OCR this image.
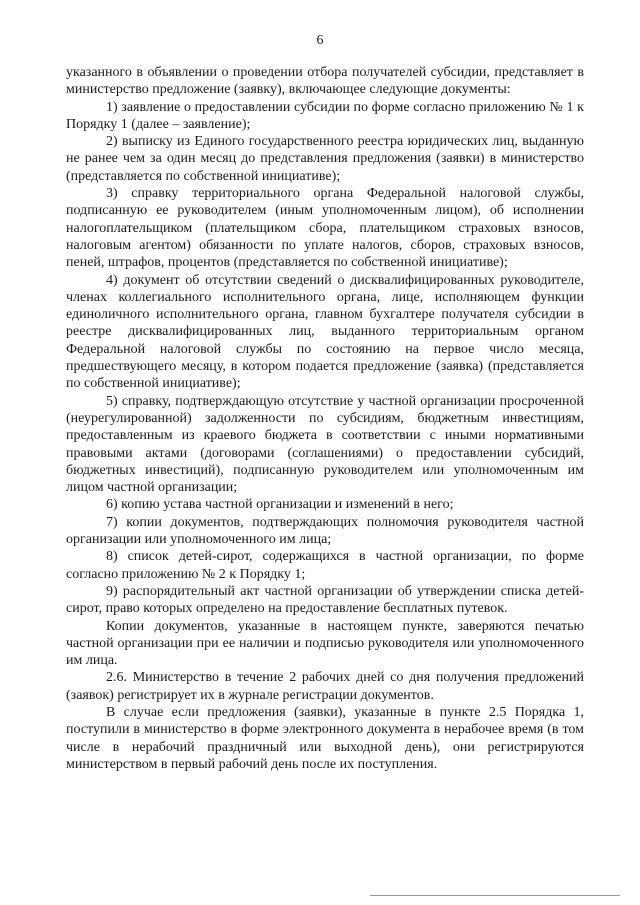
6

указанного в объявлении о проведении отбора получателей субсидии, представляет в министерство предложение (заявку), включающее следующие документы:

1) заявление о предоставлении субсидии по форме согласно приложению № 1 к Порядку 1 (далее – заявление);

2) выписку из Единого государственного реестра юридических лиц, выданную не ранее чем за один месяц до представления предложения (заявки) в министерство (представляется по собственной инициативе);

3) справку территориального органа Федеральной налоговой службы, подписанную ее руководителем (иным уполномоченным лицом), об исполнении налогоплательщиком (плательщиком сбора, плательщиком страховых взносов, налоговым агентом) обязанности по уплате налогов, сборов, страховых взносов, пеней, штрафов, процентов (представляется по собственной инициативе);

4) документ об отсутствии сведений о дисквалифицированных руководителе, членах коллегиального исполнительного органа, лице, исполняющем функции единоличного исполнительного органа, главном бухгалтере получателя субсидии в реестре дисквалифицированных лиц, выданного территориальным органом Федеральной налоговой службы по состоянию на первое число месяца, предшествующего месяцу, в котором подается предложение (заявка) (представляется по собственной инициативе);

5) справку, подтверждающую отсутствие у частной организации просроченной (неурегулированной) задолженности по субсидиям, бюджетным инвестициям, предоставленным из краевого бюджета в соответствии с иными нормативными правовыми актами (договорами (соглашениями) о предоставлении субсидий, бюджетных инвестиций), подписанную руководителем или уполномоченным им лицом частной организации;

6) копию устава частной организации и изменений в него;

7) копии документов, подтверждающих полномочия руководителя частной организации или уполномоченного им лица;

8) список детей-сирот, содержащихся в частной организации, по форме согласно приложению № 2 к Порядку 1;

9) распорядительный акт частной организации об утверждении списка детей-сирот, право которых определено на предоставление бесплатных путевок.

Копии документов, указанные в настоящем пункте, заверяются печатью частной организации при ее наличии и подписью руководителя или уполномоченного им лица.

2.6. Министерство в течение 2 рабочих дней со дня получения предложений (заявок) регистрирует их в журнале регистрации документов.

В случае если предложения (заявки), указанные в пункте 2.5 Порядка 1, поступили в министерство в форме электронного документа в нерабочее время (в том числе в нерабочий праздничный или выходной день), они регистрируются министерством в первый рабочий день после их поступления.
